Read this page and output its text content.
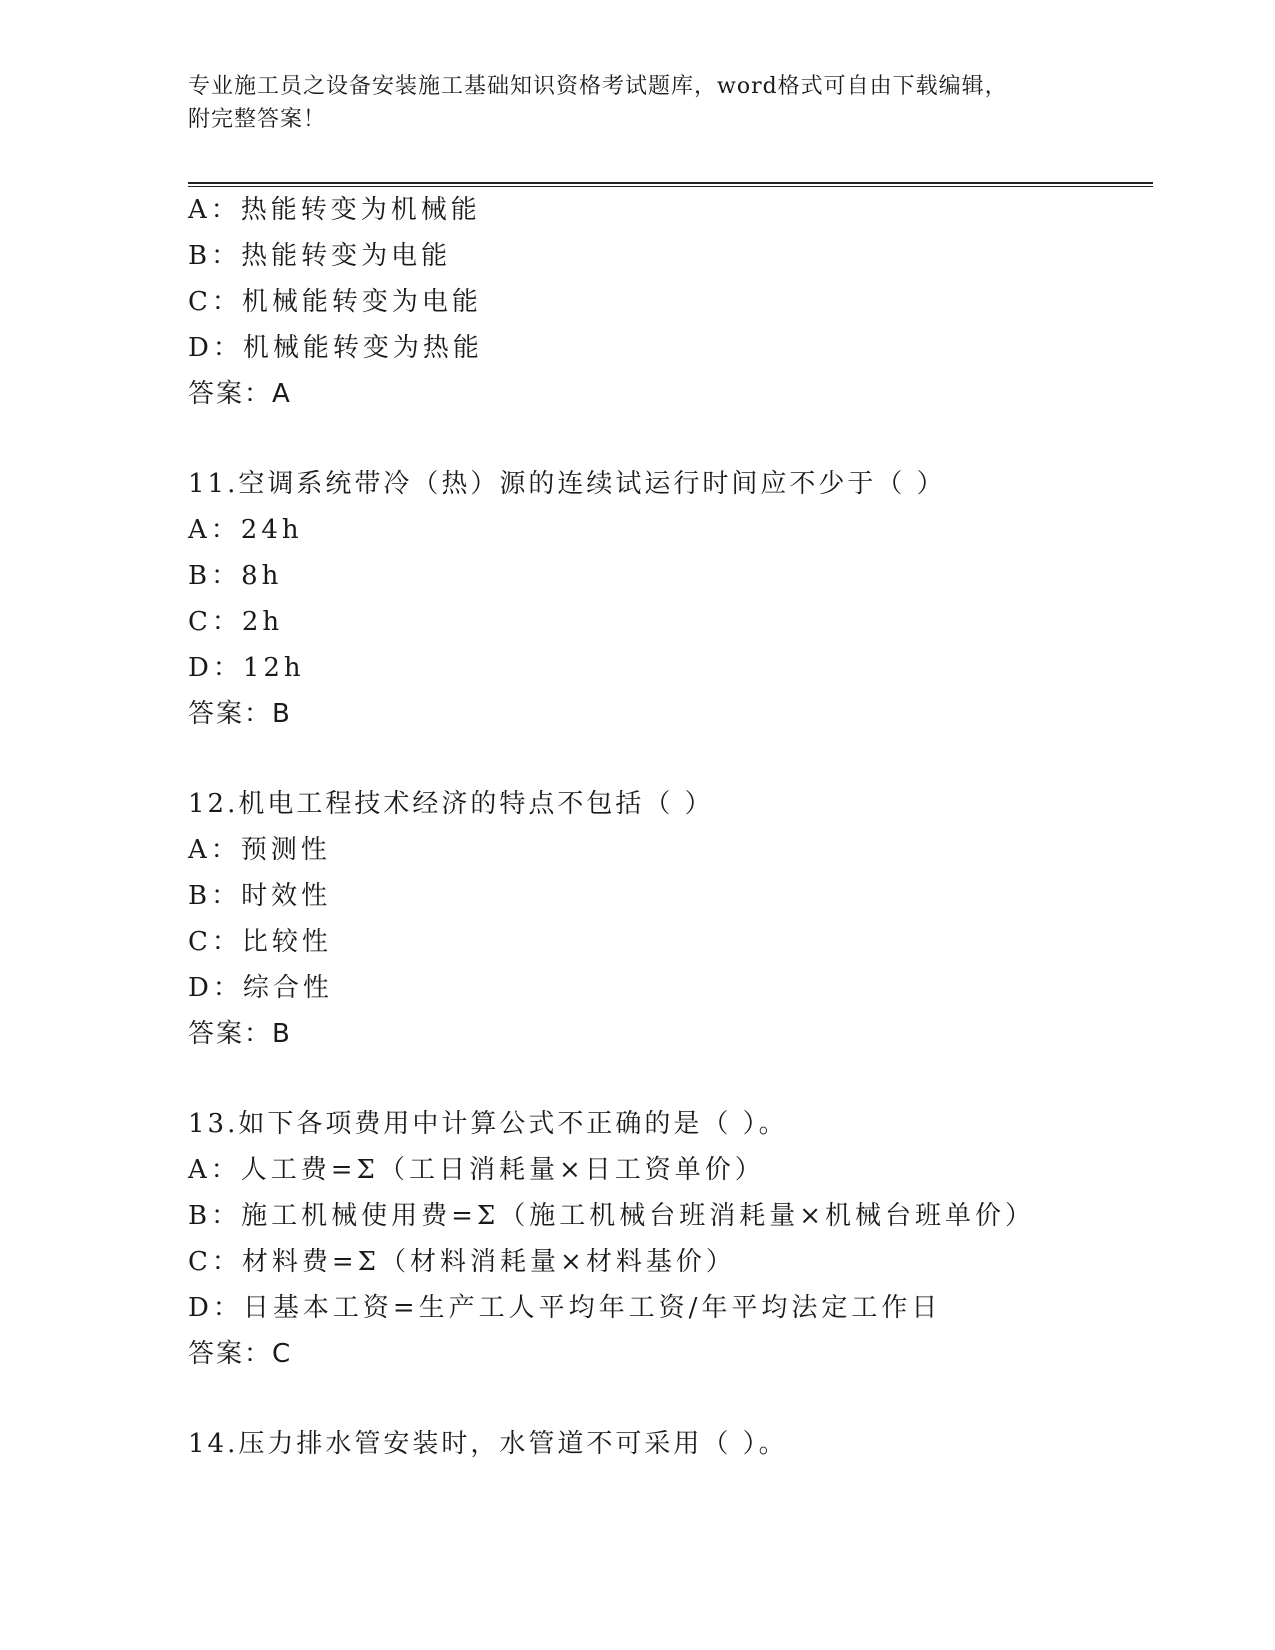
专业施工员之设备安装施工基础知识资格考试题库，word格式可自由下载编辑，
附完整答案！
A：热能转变为机械能
B：热能转变为电能
C：机械能转变为电能
D：机械能转变为热能
答案：A
11.空调系统带冷（热）源的连续试运行时间应不少于（ ）
A：24h
B：8h
C：2h
D：12h
答案：B
12.机电工程技术经济的特点不包括（ ）
A：预测性
B：时效性
C：比较性
D：综合性
答案：B
13.如下各项费用中计算公式不正确的是（ ）。
A：人工费=Σ（工日消耗量×日工资单价）
B：施工机械使用费=Σ（施工机械台班消耗量×机械台班单价）
C：材料费=Σ（材料消耗量×材料基价）
D：日基本工资=生产工人平均年工资/年平均法定工作日
答案：C
14.压力排水管安装时，水管道不可采用（ ）。
